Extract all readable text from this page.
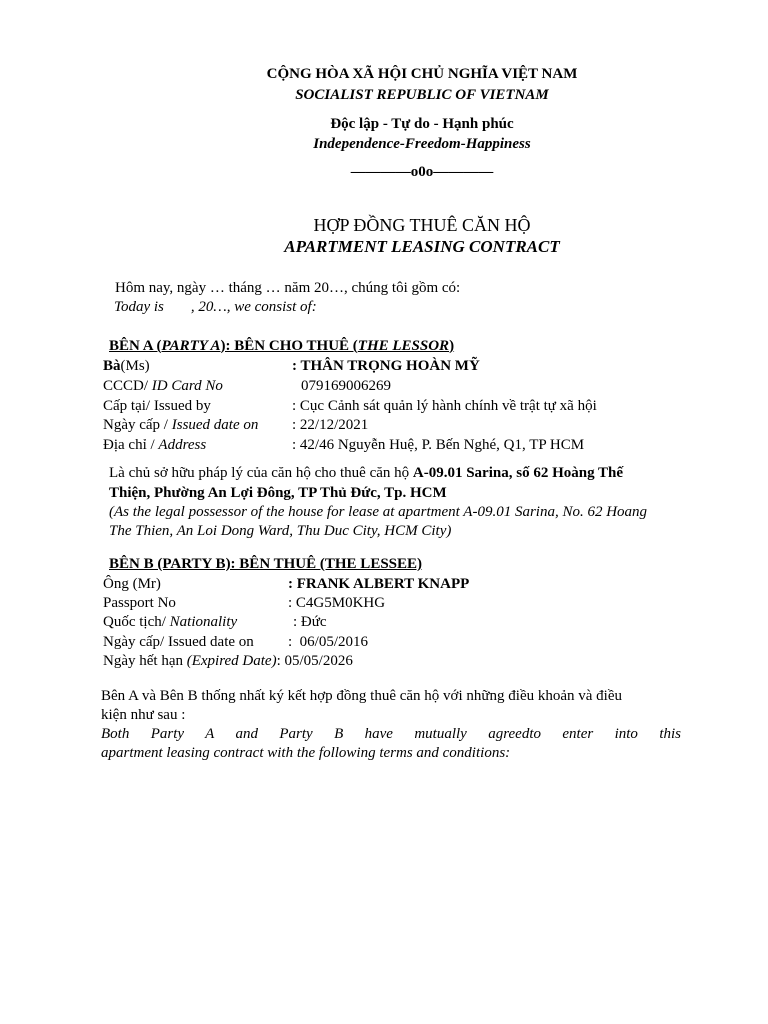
CỘNG HÒA XÃ HỘI CHỦ NGHĨA VIỆT NAM
SOCIALIST REPUBLIC OF VIETNAM
Độc lập - Tự do - Hạnh phúc
Independence-Freedom-Happiness
————o0o————
HỢP ĐỒNG THUÊ CĂN HỘ
APARTMENT LEASING CONTRACT
Hôm nay, ngày … tháng … năm 20…, chúng tôi gồm có:
Today is , 20…, we consist of:
BÊN A (PARTY A): BÊN CHO THUÊ (THE LESSOR)
Bà(Ms)	: THÂN TRỌNG HOÀN MỸ
CCCD/ ID Card No	079169006269
Cấp tại/ Issued by	: Cục Cảnh sát quản lý hành chính về trật tự xã hội
Ngày cấp / Issued date on : 22/12/2021
Địa chỉ / Address	: 42/46 Nguyễn Huệ, P. Bến Nghé, Q1, TP HCM
Là chủ sở hữu pháp lý của căn hộ cho thuê căn hộ A-09.01 Sarina, số 62 Hoàng Thế
Thiện, Phường An Lợi Đông, TP Thủ Đức, Tp. HCM
(As the legal possessor of the house for lease at apartment A-09.01 Sarina, No. 62 Hoang
The Thien, An Loi Dong Ward, Thu Duc City, HCM City)
BÊN B (PARTY B): BÊN THUÊ (THE LESSEE)
Ông (Mr)	: FRANK ALBERT KNAPP
Passport No	: C4G5M0KHG
Quốc tịch/ Nationality	: Đức
Ngày cấp/ Issued date on :  06/05/2016
Ngày hết hạn (Expired Date): 05/05/2026
Bên A và Bên B thống nhất ký kết hợp đồng thuê căn hộ với những điều khoản và điều
kiện như sau :
Both Party A and Party B have mutually agreedto enter into this
apartment leasing contract with the following terms and conditions:
